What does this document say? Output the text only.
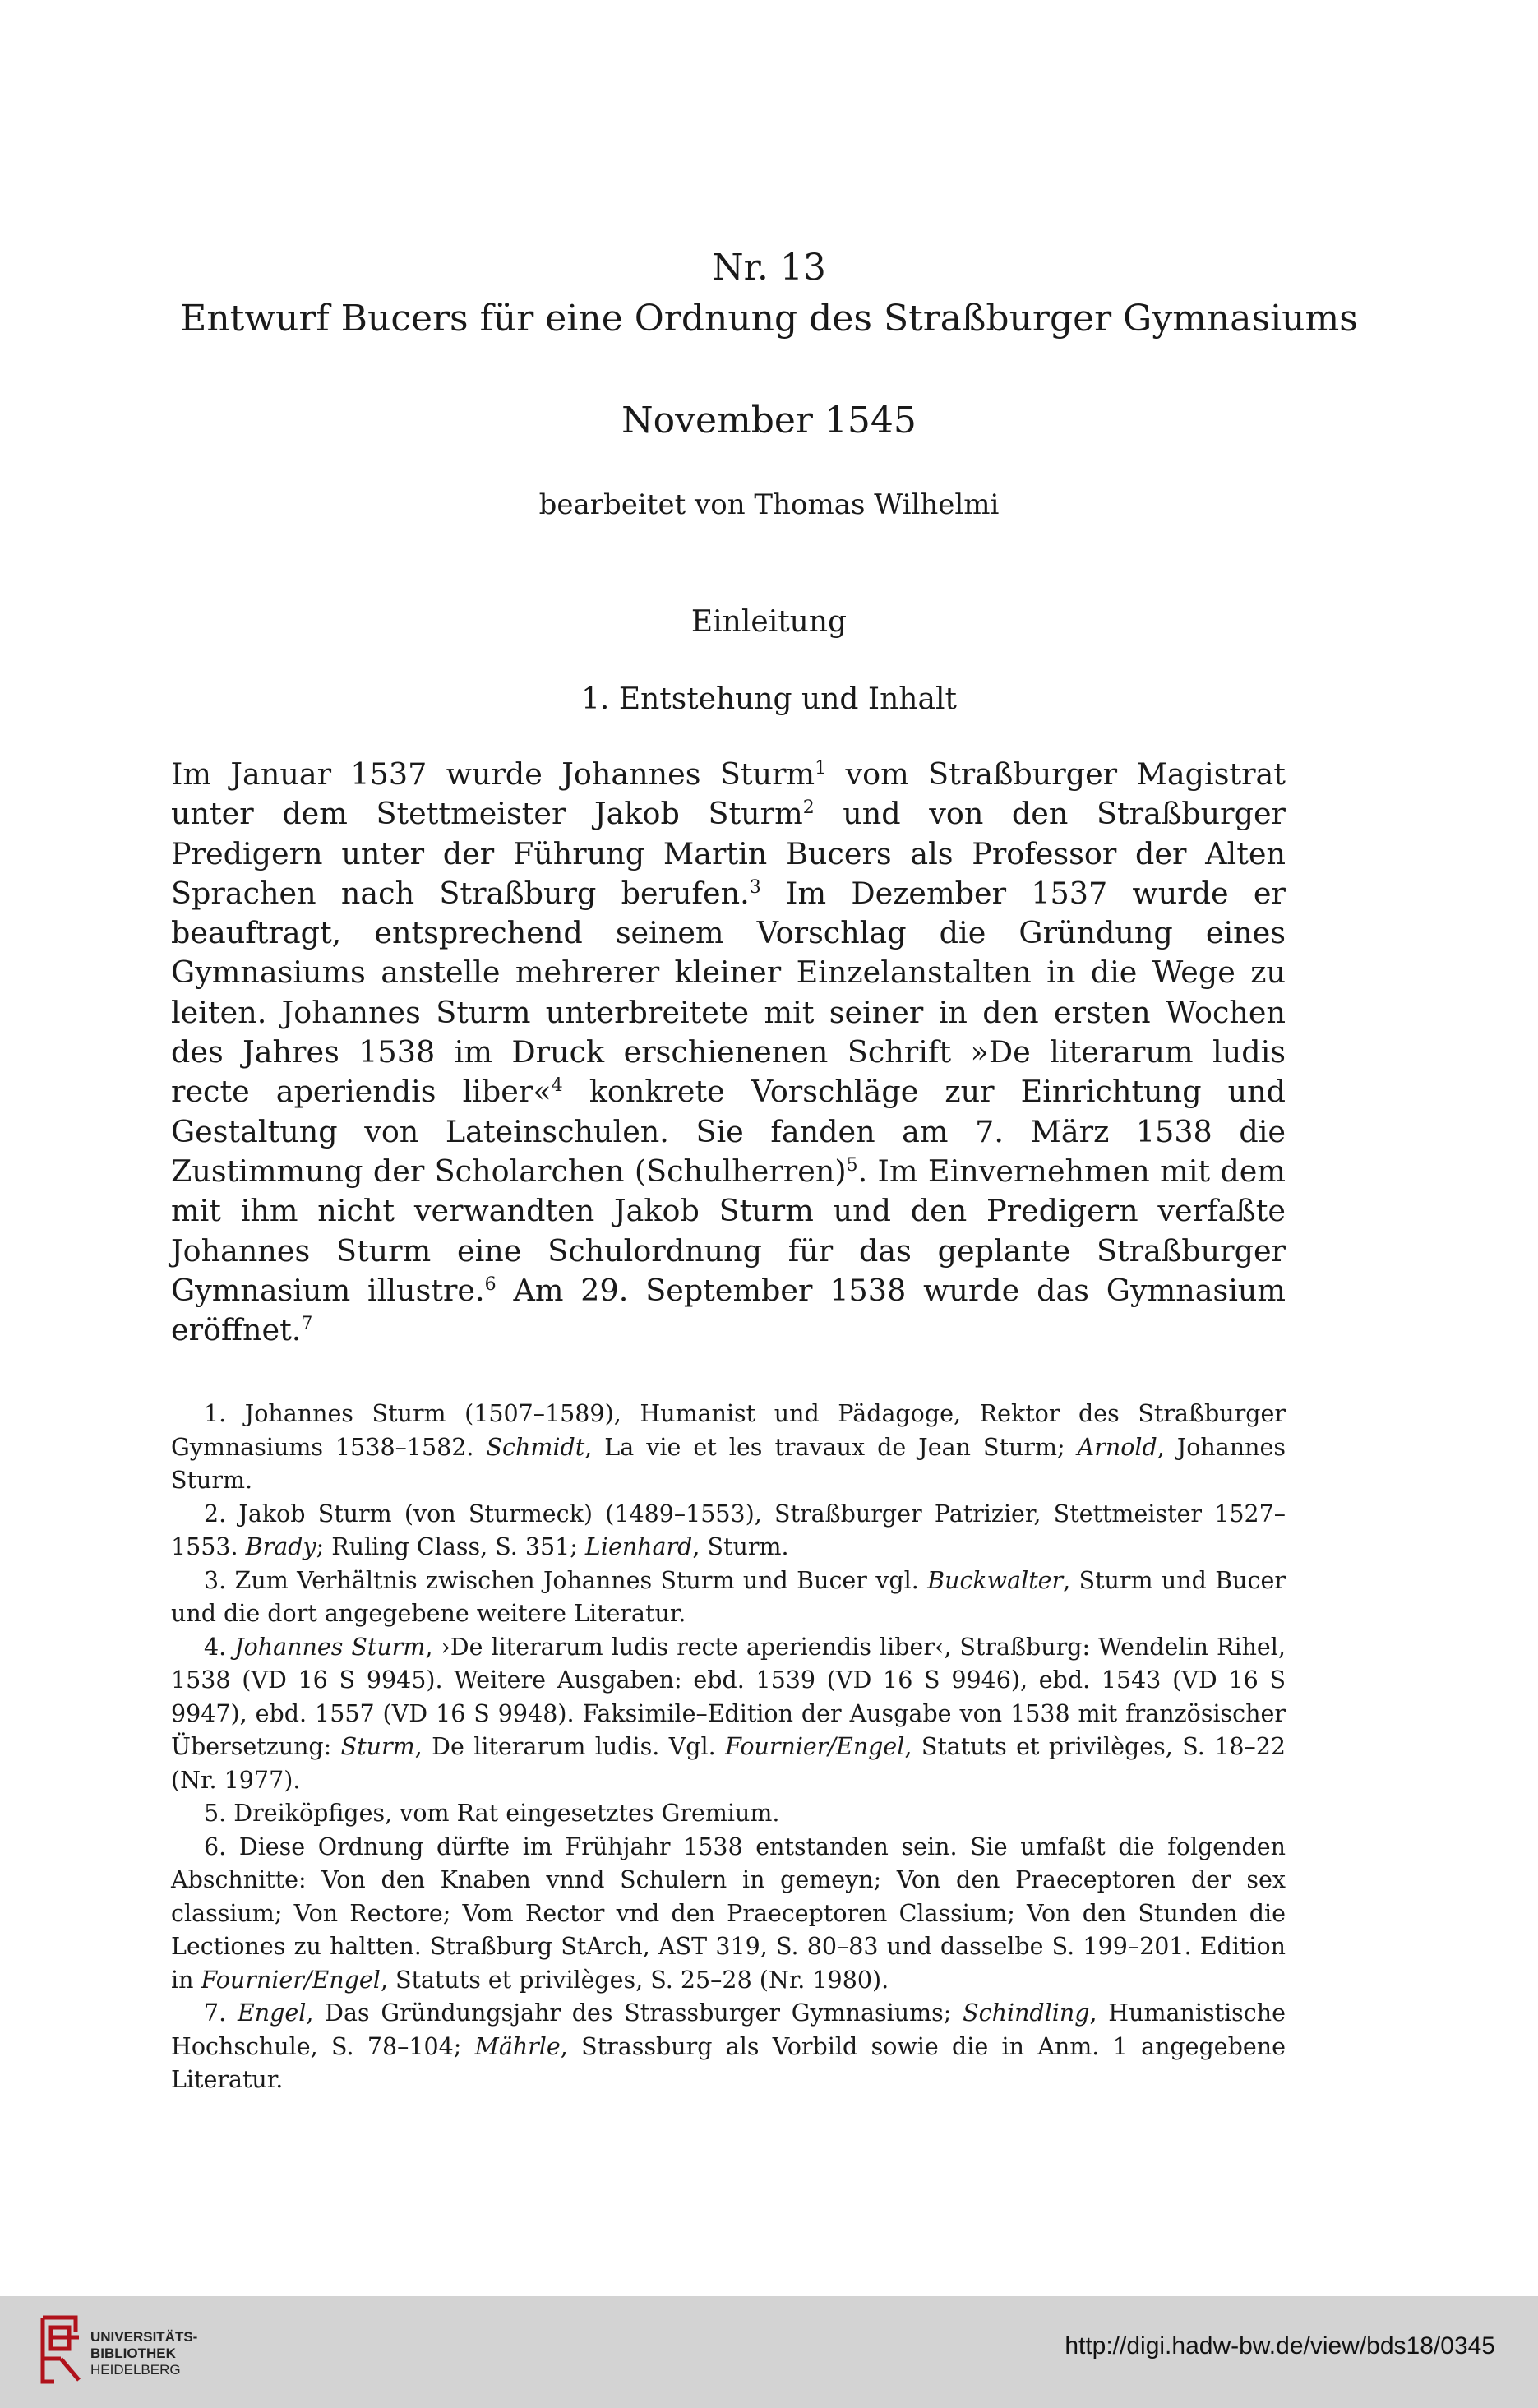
Nr. 13
Entwurf Bucers für eine Ordnung des Straßburger Gymnasiums
November 1545
bearbeitet von Thomas Wilhelmi
Einleitung
1. Entstehung und Inhalt
Im Januar 1537 wurde Johannes Sturm$^1$ vom Straßburger Magistrat unter dem Stettmeister Jakob Sturm$^2$ und von den Straßburger Predigern unter der Führung Martin Bucers als Professor der Alten Sprachen nach Straßburg berufen.$^3$ Im Dezember 1537 wurde er beauftragt, entsprechend seinem Vorschlag die Gründung eines Gymnasiums anstelle mehrerer kleiner Einzelanstalten in die Wege zu leiten. Johannes Sturm unterbreitete mit seiner in den ersten Wochen des Jahres 1538 im Druck erschienenen Schrift »De literarum ludis recte aperiendis liber«$^4$ konkrete Vorschläge zur Einrichtung und Gestaltung von Lateinschulen. Sie fanden am 7. März 1538 die Zustimmung der Scholarchen (Schulherren)$^5$. Im Einvernehmen mit dem mit ihm nicht verwandten Jakob Sturm und den Predigern verfaßte Johannes Sturm eine Schulordnung für das geplante Straßburger Gymnasium illustre.$^6$ Am 29. September 1538 wurde das Gymnasium eröffnet.$^7$

1. Johannes Sturm (1507–1589), Humanist und Pädagoge, Rektor des Straßburger Gymnasiums 1538–1582. Schmidt, La vie et les travaux de Jean Sturm; Arnold, Johannes Sturm.

2. Jakob Sturm (von Sturmeck) (1489–1553), Straßburger Patrizier, Stettmeister 1527–1553. Brady; Ruling Class, S. 351; Lienhard, Sturm.

3. Zum Verhältnis zwischen Johannes Sturm und Bucer vgl. Buckwalter, Sturm und Bucer und die dort angegebene weitere Literatur.

4. Johannes Sturm, ›De literarum ludis recte aperiendis liber‹, Straßburg: Wendelin Rihel, 1538 (VD 16 S 9945). Weitere Ausgaben: ebd. 1539 (VD 16 S 9946), ebd. 1543 (VD 16 S 9947), ebd. 1557 (VD 16 S 9948). Faksimile–Edition der Ausgabe von 1538 mit französischer Übersetzung: Sturm, De literarum ludis. Vgl. Fournier/Engel, Statuts et privilèges, S. 18–22 (Nr. 1977).

5. Dreiköpfiges, vom Rat eingesetztes Gremium.

6. Diese Ordnung dürfte im Frühjahr 1538 entstanden sein. Sie umfaßt die folgenden Abschnitte: Von den Knaben vnnd Schulern in gemeyn; Von den Praeceptoren der sex classium; Von Rectore; Vom Rector vnd den Praeceptoren Classium; Von den Stunden die Lectiones zu haltten. Straßburg StArch, AST 319, S. 80–83 und dasselbe S. 199–201. Edition in Fournier/Engel, Statuts et privilèges, S. 25–28 (Nr. 1980).

7. Engel, Das Gründungsjahr des Strassburger Gymnasiums; Schindling, Humanistische Hochschule, S. 78–104; Mährle, Strassburg als Vorbild sowie die in Anm. 1 angegebene Literatur.

UNIVERSITÄTS-
BIBLIOTHEK
HEIDELBERG
http://digi.hadw-bw.de/view/bds18/0345
